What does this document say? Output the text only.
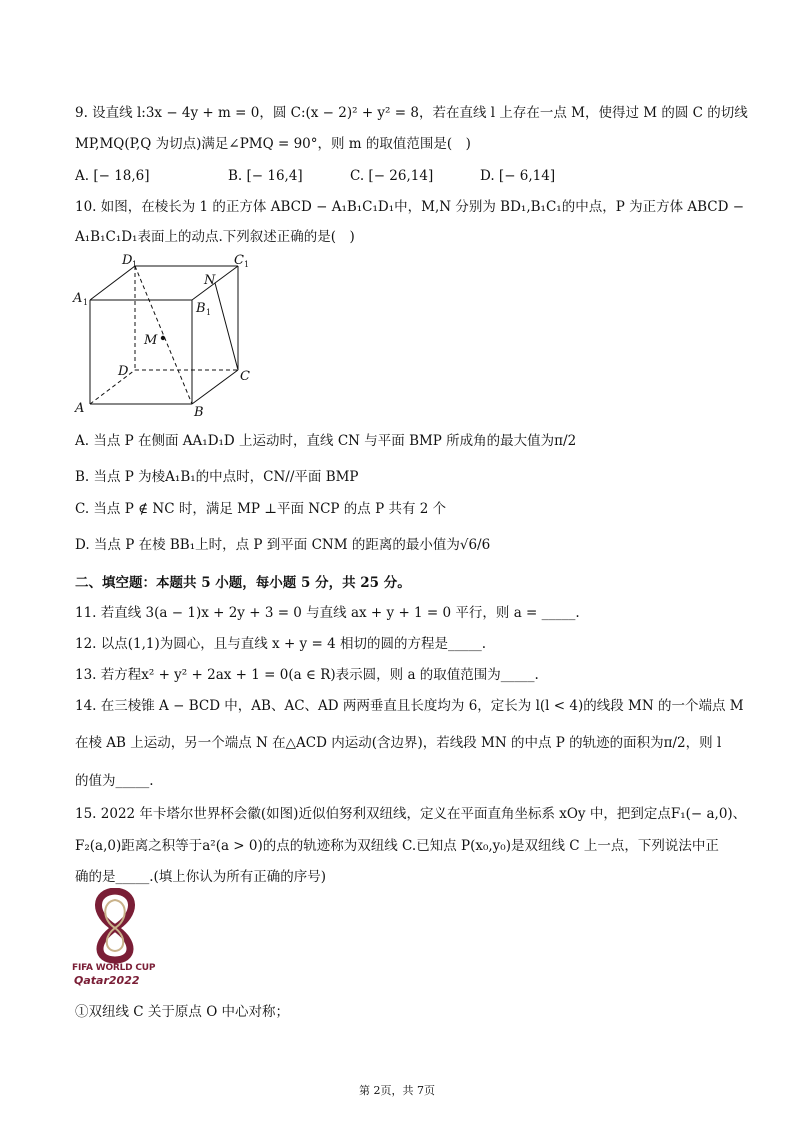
9. 设直线 l:3x − 4y + m = 0，圆 C:(x − 2)² + y² = 8，若在直线 l 上存在一点 M，使得过 M 的圆 C 的切线
MP,MQ(P,Q 为切点)满足∠PMQ = 90°，则 m 的取值范围是(　)
A. [− 18,6]	B. [− 16,4]	C. [− 26,14]	D. [− 6,14]
10. 如图，在棱长为 1 的正方体 ABCD − A₁B₁C₁D₁中，M,N 分别为 BD₁,B₁C₁的中点，P 为正方体 ABCD −
A₁B₁C₁D₁表面上的动点.下列叙述正确的是(　)
D 1	C 1
A 1	B 1
N
M
D	C
A	B
A. 当点 P 在侧面 AA₁D₁D 上运动时，直线 CN 与平面 BMP 所成角的最大值为π/2
B. 当点 P 为棱A₁B₁的中点时，CN//平面 BMP
C. 当点 P ∉ NC 时，满足 MP ⊥平面 NCP 的点 P 共有 2 个
D. 当点 P 在棱 BB₁上时，点 P 到平面 CNM 的距离的最小值为√6/6
二、填空题：本题共 5 小题，每小题 5 分，共 25 分。
11. 若直线 3(a − 1)x + 2y + 3 = 0 与直线 ax + y + 1 = 0 平行，则 a = _____.
12. 以点(1,1)为圆心，且与直线 x + y = 4 相切的圆的方程是_____.
13. 若方程x² + y² + 2ax + 1 = 0(a ∈ R)表示圆，则 a 的取值范围为_____.
14. 在三棱锥 A − BCD 中，AB、AC、AD 两两垂直且长度均为 6，定长为 l(l < 4)的线段 MN 的一个端点 M
在棱 AB 上运动，另一个端点 N 在△ACD 内运动(含边界)，若线段 MN 的中点 P 的轨迹的面积为π/2，则 l
的值为_____.
15. 2022 年卡塔尔世界杯会徽(如图)近似伯努利双纽线，定义在平面直角坐标系 xOy 中，把到定点F₁(− a,0)、
F₂(a,0)距离之积等于a²(a > 0)的点的轨迹称为双纽线 C.已知点 P(x₀,y₀)是双纽线 C 上一点，下列说法中正
确的是_____.(填上你认为所有正确的序号)
FIFA WORLD CUP
Qatar2022
①双纽线 C 关于原点 O 中心对称；
第 2页，共 7页
